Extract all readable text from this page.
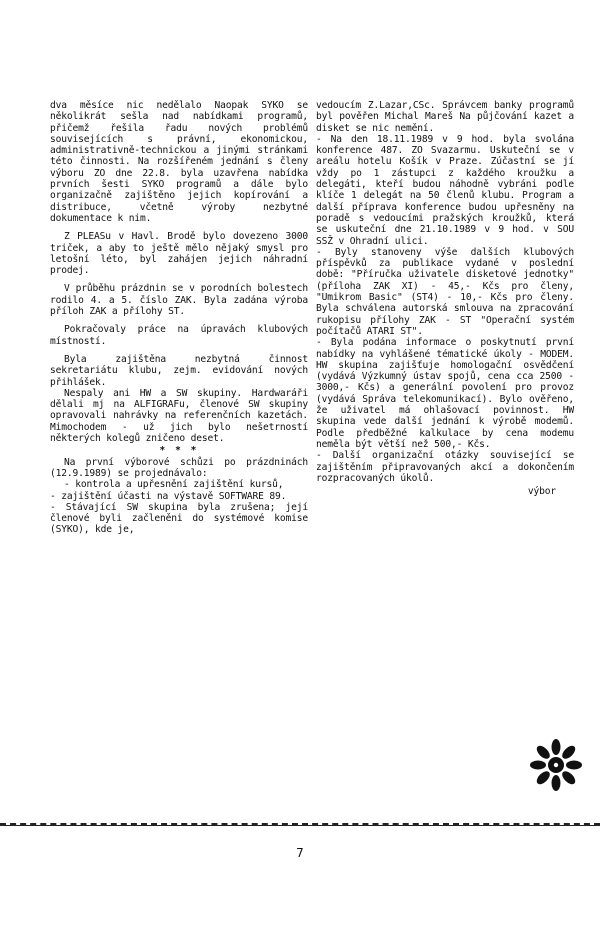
dva měsíce nic nedělalo Naopak SYKO se několikrát sešla nad nabídkami programů, přičemž řešila řadu nových problémů souvisejících s právní, ekonomickou, administrativně-technickou a jinými stránkami této činnosti. Na rozšířeném jednání s členy výboru ZO dne 22.8. byla uzavřena nabídka prvních šesti SYKO programů a dále bylo organizačně zajištěno jejich kopírování a distribuce, včetně výroby nezbytné dokumentace k nim.

Z PLEASu v Havl. Brodě bylo dovezeno 3000 triček, a aby to ještě mělo nějaký smysl pro letošní léto, byl zahájen jejich náhradní prodej.

V průběhu prázdnin se v porodních bolestech rodilo 4. a 5. číslo ZAK. Byla zadána výroba příloh ZAK a přílohy ST.

Pokračovaly práce na úpravách klubových místností.

Byla zajištěna nezbytná činnost sekretariátu klubu, zejm. evidování nových přihlášek.

Nespaly ani HW a SW skupiny. Hardwaráři dělali mj na ALFIGRAFu, členové SW skupiny opravovali nahrávky na referenčních kazetách. Mimochodem - už jich bylo nešetrností některých kolegů zničeno deset.

* * *

Na první výborové schůzi po prázdninách (12.9.1989) se projednávalo:

- kontrola a upřesnění zajištění kursů,

- zajištění účasti na výstavě SOFTWARE 89.

- Stávající SW skupina byla zrušena; její členové byli začleněni do systémové komise (SYKO), kde je,

vedoucím Z.Lazar,CSc. Správcem banky programů byl pověřen Michal Mareš Na půjčování kazet a disket se nic nemění.

- Na den 18.11.1989 v 9 hod. byla svolána konference 487. ZO Svazarmu. Uskuteční se v areálu hotelu Košík v Praze. Zúčastní se jí vždy po 1 zástupci z každého kroužku a delegáti, kteří budou náhodně vybráni podle klíče 1 delegát na 50 členů klubu. Program a další příprava konference budou upřesněny na poradě s vedoucími pražských kroužků, která se uskuteční dne 21.10.1989 v 9 hod. v SOU SSŽ v Ohradní ulici.

- Byly stanoveny výše dalších klubových příspěvků za publikace vydané v poslední době: "Příručka uživatele disketové jednotky" (příloha ZAK XI) - 45,- Kčs pro členy, "Umikrom Basic" (ST4) - 10,- Kčs pro členy. Byla schválena autorská smlouva na zpracování rukopisu přílohy ZAK - ST "Operační systém počítačů ATARI ST".

- Byla podána informace o poskytnutí první nabídky na vyhlášené tématické úkoly - MODEM. HW skupina zajišťuje homologační osvědčení (vydává Výzkumný ústav spojů, cena cca 2500 - 3000,- Kčs) a generální povolení pro provoz (vydává Správa telekomunikací). Bylo ověřeno, že uživatel má ohlašovací povinnost. HW skupina vede další jednání k výrobě modemů. Podle předběžné kalkulace by cena modemu neměla být větší než 500,- Kčs.

- Další organizační otázky související se zajištěním připravovaných akcí a dokončením rozpracovaných úkolů.

výbor

7
